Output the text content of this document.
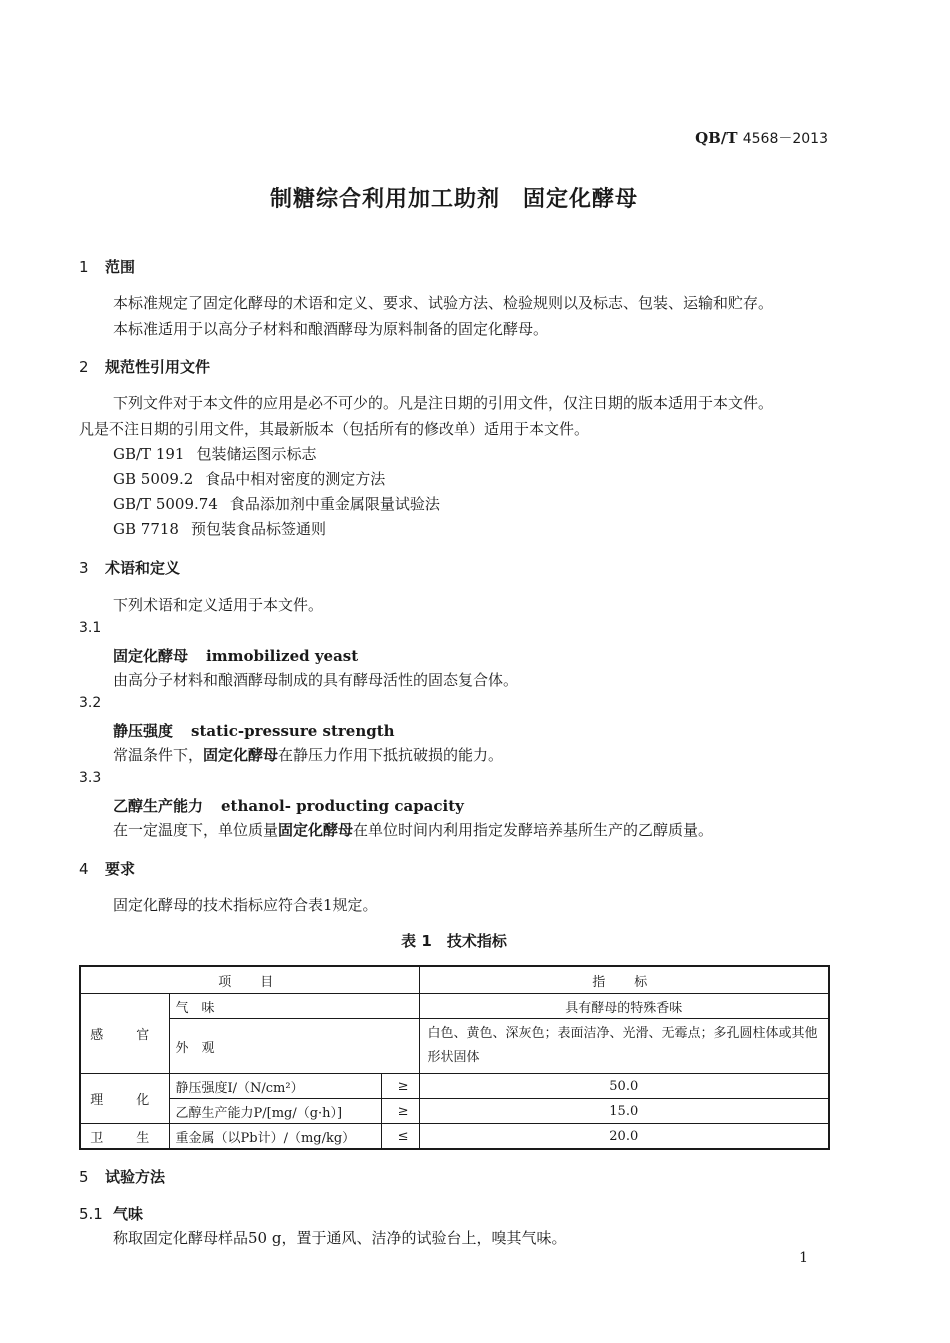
QB/T 4568－2013
制糖综合利用加工助剂　固定化酵母
1 范围
本标准规定了固定化酵母的术语和定义、要求、试验方法、检验规则以及标志、包装、运输和贮存。
本标准适用于以高分子材料和酿酒酵母为原料制备的固定化酵母。
2 规范性引用文件
下列文件对于本文件的应用是必不可少的。凡是注日期的引用文件，仅注日期的版本适用于本文件。
凡是不注日期的引用文件，其最新版本（包括所有的修改单）适用于本文件。
GB/T 191 包装储运图示标志
GB 5009.2 食品中相对密度的测定方法
GB/T 5009.74 食品添加剂中重金属限量试验法
GB 7718 预包装食品标签通则
3 术语和定义
下列术语和定义适用于本文件。
3.1
固定化酵母 immobilized yeast
由高分子材料和酿酒酵母制成的具有酵母活性的固态复合体。
3.2
静压强度 static-pressure strength
常温条件下，固定化酵母在静压力作用下抵抗破损的能力。
3.3
乙醇生产能力 ethanol- producting capacity
在一定温度下，单位质量固定化酵母在单位时间内利用指定发酵培养基所生产的乙醇质量。
4 要求
固定化酵母的技术指标应符合表1规定。
表 1　技术指标
项　目			指　标
感　官	气　味		具有酵母的特殊香味
	外　观		白色、黄色、深灰色；表面洁净、光滑、无霉点；多孔圆柱体或其他形状固体
理　化	静压强度I/（N/cm²）	≥	50.0
	乙醇生产能力P/[mg/（g·h）]	≥	15.0
卫　生	重金属（以Pb计）/（mg/kg）	≤	20.0
5 试验方法
5.1 气味
称取固定化酵母样品50 g，置于通风、洁净的试验台上，嗅其气味。
1
